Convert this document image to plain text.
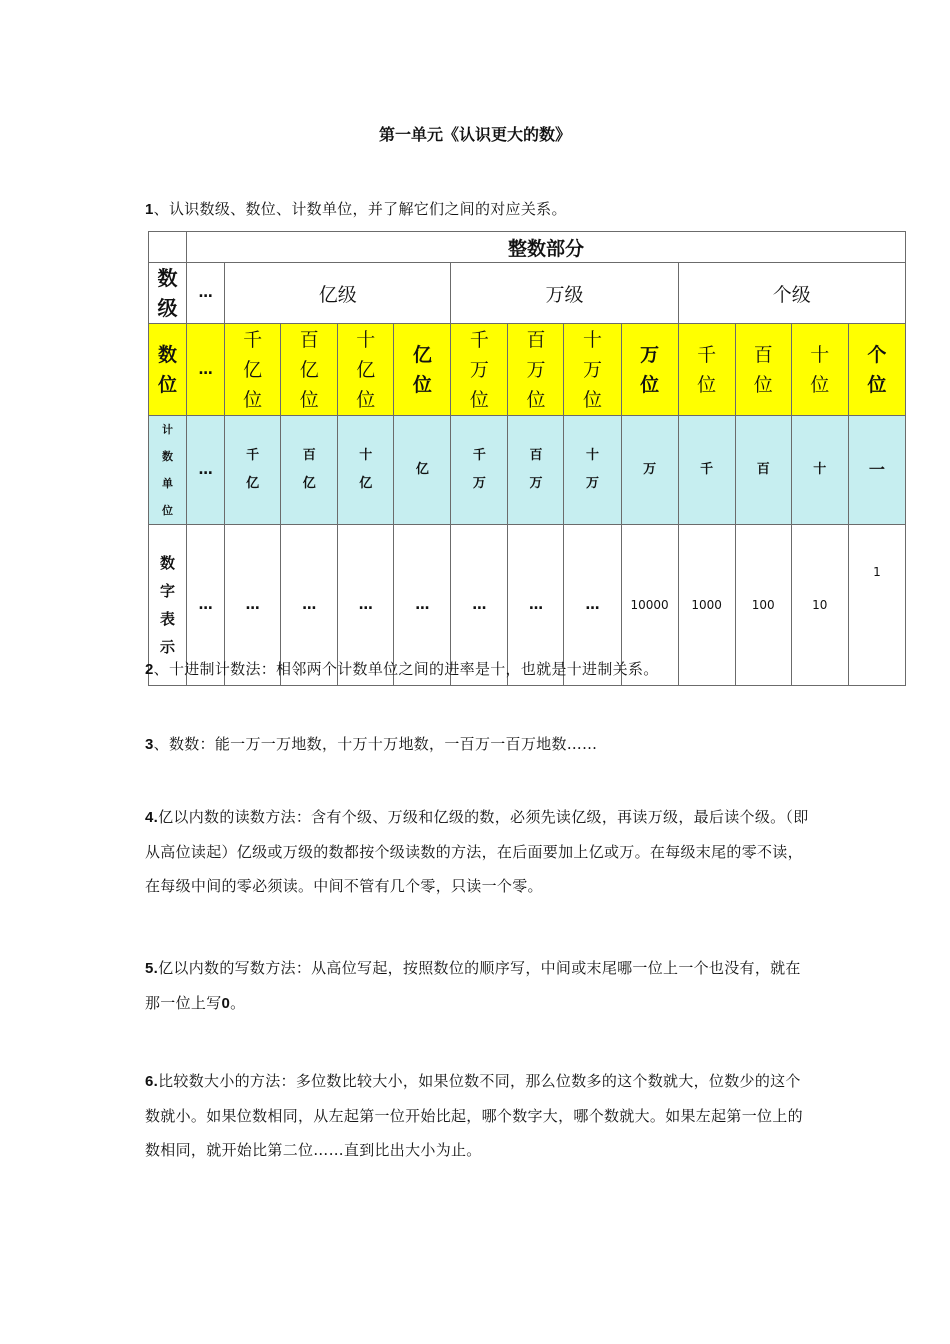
第一单元《认识更大的数》
1、认识数级、数位、计数单位，并了解它们之间的对应关系。
	整数部分												

数级	…	亿级				万级				个级			

数位	…	千亿位	百亿位	十亿位	亿位	千万位	百万位	十万位	万位	千位	百位	十位	个位

计数单位	…	千亿	百亿	十亿	亿	千万	百万	十万	万	千	百	十	一

数字表示	…	…	…	…	…	…	…	…	10000	1000	100	10	1
2、十进制计数法：相邻两个计数单位之间的进率是十，也就是十进制关系。
3、数数：能一万一万地数，十万十万地数，一百万一百万地数……
4.亿以内数的读数方法：含有个级、万级和亿级的数，必须先读亿级，再读万级，最后读个级。（即从高位读起）亿级或万级的数都按个级读数的方法，在后面要加上亿或万。在每级末尾的零不读，在每级中间的零必须读。中间不管有几个零，只读一个零。
5.亿以内数的写数方法：从高位写起，按照数位的顺序写，中间或末尾哪一位上一个也没有，就在那一位上写0。
6.比较数大小的方法：多位数比较大小，如果位数不同，那么位数多的这个数就大，位数少的这个数就小。如果位数相同，从左起第一位开始比起，哪个数字大，哪个数就大。如果左起第一位上的数相同，就开始比第二位……直到比出大小为止。
